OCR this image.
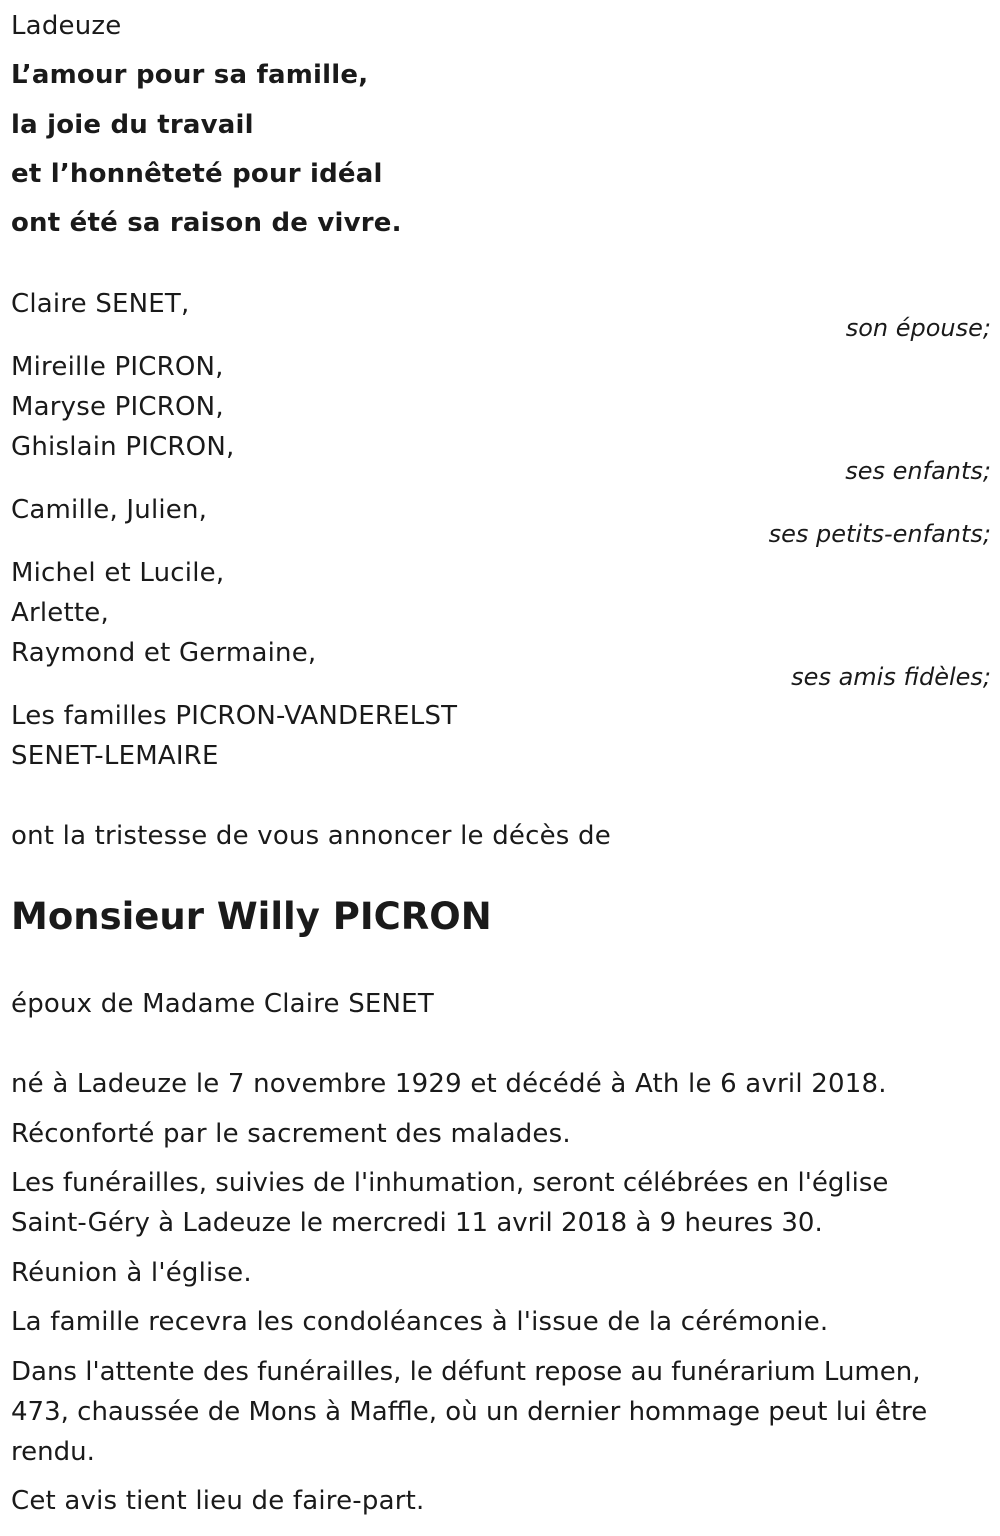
Ladeuze
L’amour pour sa famille,
la joie du travail
et l’honnêteté pour idéal
ont été sa raison de vivre.
Claire SENET,
son épouse;
Mireille PICRON,
Maryse PICRON,
Ghislain PICRON,
ses enfants;
Camille, Julien,
ses petits-enfants;
Michel et Lucile,
Arlette,
Raymond et Germaine,
ses amis fidèles;
Les familles PICRON-VANDERELST
SENET-LEMAIRE
ont la tristesse de vous annoncer le décès de
Monsieur Willy PICRON
époux de Madame Claire SENET
né à Ladeuze le 7 novembre 1929 et décédé à Ath le 6 avril 2018.
Réconforté par le sacrement des malades.
Les funérailles, suivies de l'inhumation, seront célébrées en l'église Saint-Géry à Ladeuze le mercredi 11 avril 2018 à 9 heures 30.
Réunion à l'église.
La famille recevra les condoléances à l'issue de la cérémonie.
Dans l'attente des funérailles, le défunt repose au funérarium Lumen, 473, chaussée de Mons à Maffle, où un dernier hommage peut lui être rendu.
Cet avis tient lieu de faire-part.
